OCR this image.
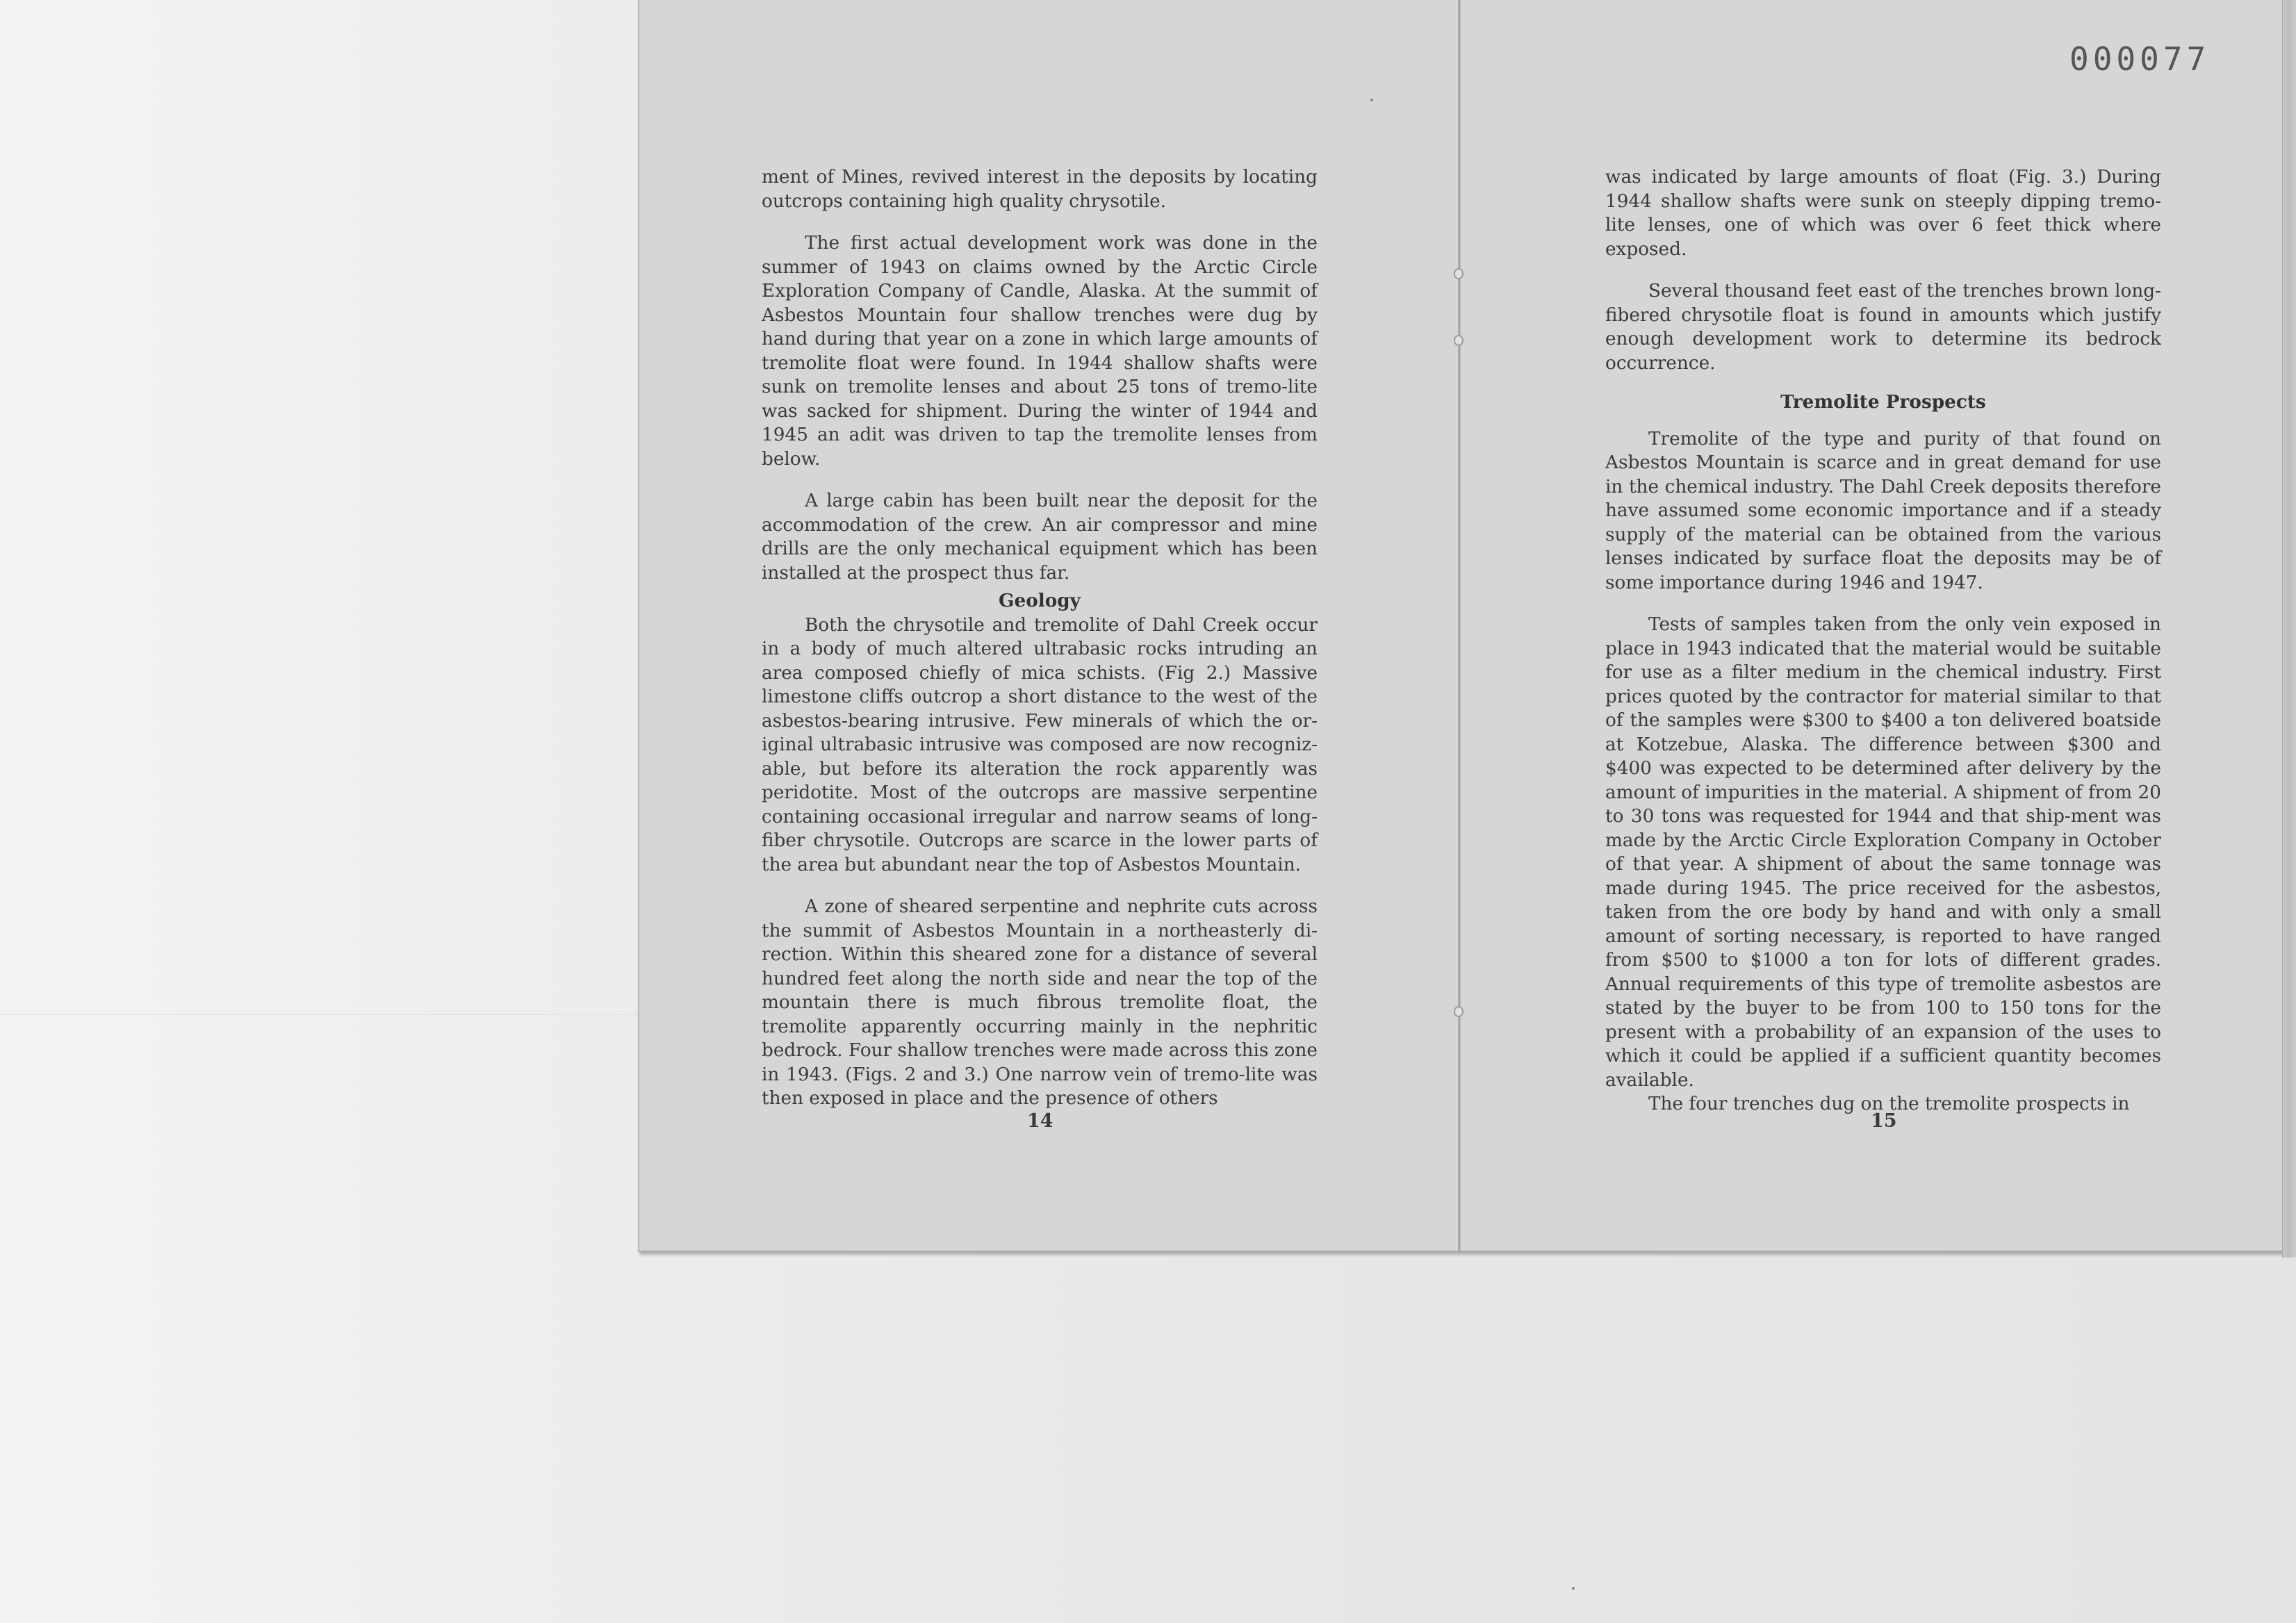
000077

ment of Mines, revived interest in the deposits by locating outcrops containing high quality chrysotile.

The first actual development work was done in the summer of 1943 on claims owned by the Arctic Circle Exploration Company of Candle, Alaska. At the summit of Asbestos Mountain four shallow trenches were dug by hand during that year on a zone in which large amounts of tremolite float were found. In 1944 shallow shafts were sunk on tremolite lenses and about 25 tons of tremo-lite was sacked for shipment. During the winter of 1944 and 1945 an adit was driven to tap the tremolite lenses from below.

A large cabin has been built near the deposit for the accommodation of the crew. An air compressor and mine drills are the only mechanical equipment which has been installed at the prospect thus far.

Geology

Both the chrysotile and tremolite of Dahl Creek occur in a body of much altered ultrabasic rocks intruding an area composed chiefly of mica schists. (Fig 2.) Massive limestone cliffs outcrop a short distance to the west of the asbestos-bearing intrusive. Few minerals of which the or-iginal ultrabasic intrusive was composed are now recogniz-able, but before its alteration the rock apparently was peridotite. Most of the outcrops are massive serpentine containing occasional irregular and narrow seams of long-fiber chrysotile. Outcrops are scarce in the lower parts of the area but abundant near the top of Asbestos Mountain.

A zone of sheared serpentine and nephrite cuts across the summit of Asbestos Mountain in a northeasterly di-rection. Within this sheared zone for a distance of several hundred feet along the north side and near the top of the mountain there is much fibrous tremolite float, the tremolite apparently occurring mainly in the nephritic bedrock. Four shallow trenches were made across this zone in 1943. (Figs. 2 and 3.) One narrow vein of tremo-lite was then exposed in place and the presence of others

14

was indicated by large amounts of float (Fig. 3.) During 1944 shallow shafts were sunk on steeply dipping tremo-lite lenses, one of which was over 6 feet thick where exposed.

Several thousand feet east of the trenches brown long-fibered chrysotile float is found in amounts which justify enough development work to determine its bedrock occurrence.

Tremolite Prospects

Tremolite of the type and purity of that found on Asbestos Mountain is scarce and in great demand for use in the chemical industry. The Dahl Creek deposits therefore have assumed some economic importance and if a steady supply of the material can be obtained from the various lenses indicated by surface float the deposits may be of some importance during 1946 and 1947.

Tests of samples taken from the only vein exposed in place in 1943 indicated that the material would be suitable for use as a filter medium in the chemical industry. First prices quoted by the contractor for material similar to that of the samples were $300 to $400 a ton delivered boatside at Kotzebue, Alaska. The difference between $300 and $400 was expected to be determined after delivery by the amount of impurities in the material. A shipment of from 20 to 30 tons was requested for 1944 and that ship-ment was made by the Arctic Circle Exploration Company in October of that year. A shipment of about the same tonnage was made during 1945. The price received for the asbestos, taken from the ore body by hand and with only a small amount of sorting necessary, is reported to have ranged from $500 to $1000 a ton for lots of different grades. Annual requirements of this type of tremolite asbestos are stated by the buyer to be from 100 to 150 tons for the present with a probability of an expansion of the uses to which it could be applied if a sufficient quantity becomes available.

The four trenches dug on the tremolite prospects in

15
